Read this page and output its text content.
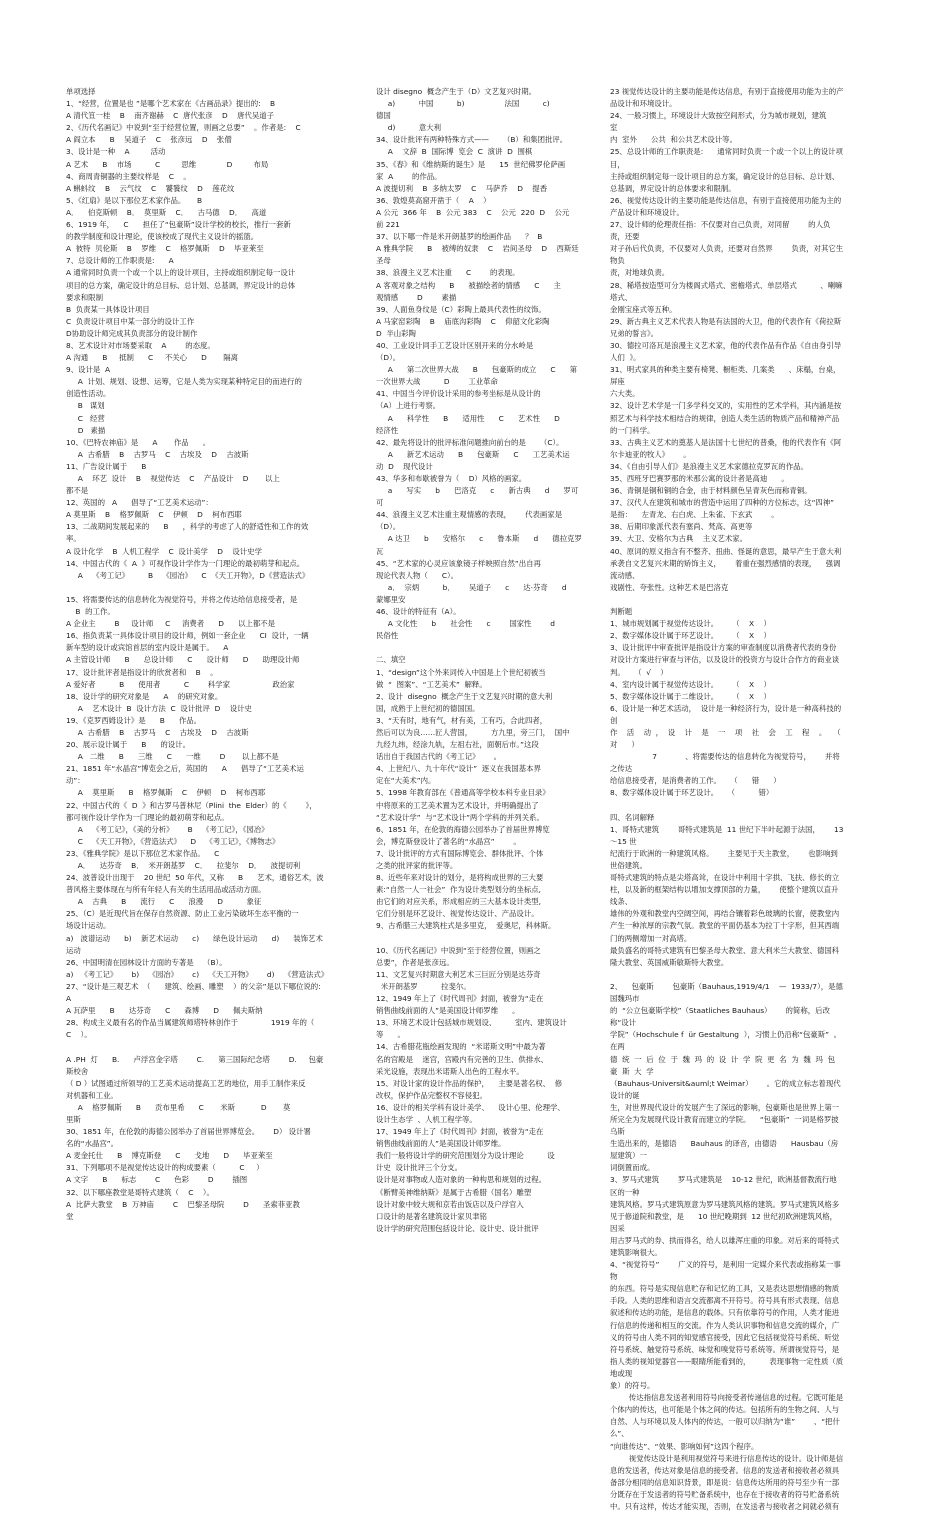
单项选择
1、“经营，位置是也 ”是哪个艺术家在《古画品录》提出的:    B
A 清代笪一桂    B    南齐谢赫    C  唐代张彦    D    唐代吴道子
2、《历代名画记》中说到“至于经营位置，则画之总要”    。作者是:    C
A 阎立本      B    吴道子    C    张彦远    D    张僧
3、设计是一种    A         活动
A 艺术      B    市场          C         思维             D         布局
4、商周青铜器的主要纹样是    C    。
A 蝌蚪纹    B    云气纹    C    饕餮纹    D    莲花纹
5、《红扇》是以下那位艺术家作品。     B
A．    伯克斯顿    B．  莫里斯    C．    古马德    D．    高道
6、1919 年，    C      担任了“包豪斯”设计学校的校长，推行一套新
的教学制度和设计理论，使该校成了现代主义设计的摇篮。
A  彼特  贝伦斯    B    罗维    C    格罗佩斯    D    毕亚莱至
7、总设计师的工作职责是:      A
A 通常同时负责一个或一个以上的设计项目，主持或组织制定每一设计
项目的总方案，确定设计的总目标、总计划、总基调，界定设计的总体
要求和限制
B  负责某一具体设计项目
C  负责设计项目中某一部分的设计工作
D协助设计师完成其负责部分的设计制作
8、艺术设计对市场要采取    A        的态度。
A 沟通      B     抵制      C     不关心      D       隔离
9、设计是  A
A  计划、规划、设想、运筹，它是人类为实现某种特定目的而进行的
创造性活动。
B   谋划
C   经营
D   素描
10、《巴特农神庙》是      A       作品      。
A  古希腊    B    古罗马    C    古埃及    D    古波斯
11、广告设计属于      B
A    环艺  设计    B    视觉传达    C    产品设计    D       以上
都不是
12、英国的   A      倡导了“工艺美术运动”：
A 莫里斯    B    格罗佩斯    C    伊顿    D    柯布西耶
13、二战期间发展起来的      B      ，科学的考虑了人的舒适性和工作的效
率。
A 设计化学    B  人机工程学    C  设计美学    D    设计史学
14、中国古代的《  A  》可视作设计学作为一门理论的最初萌芽和起点。
A    《考工记》        B    《园冶》    C  《天工开物》，D《营造法式》
15、将需要传达的信息转化为视觉符号，并将之传达给信息接受者，是
B  的工作。
A 企业主        B     设计师     C     消费者      D      以上都不是
16、指负责某一具体设计项目的设计师，例如一套企业      CI  设计，一辆
新车型的设计或宾馆首层的室内设计是属于。    A
A 主管设计师      B      总设计师      C      设计师      D      助理设计师
17、设计批评者是指设计的欣赏者和    B    。
A 爱好者          B      使用者          C        科学家                  政治家
18、设计学的研究对象是      A    的研究对象。
A    艺术设计  B  设计方法  C  设计批评  D    设计史
19、《克罗西姆设计》是      B      作品。
A  古希腊    B    古罗马    C    古埃及    D    古波斯
20、展示设计属于      B      的设计。
A   二维      B      三维      C      一维        D       以上都不是
21、1851 年“水晶宫”博览会之后，英国的      A      倡导了“工艺美术运
动”：
A    莫里斯      B    格罗佩斯    C    伊顿    D    柯布西耶
22、中国古代的《  D  》和古罗马普林尼（Plini  the  Elder）的《        》，
都可视作设计学作为一门理论的最初萌芽和起点。
A    《考工记》，《美的分析》      B    《考工记》，《园冶》
C    《天工开物》，《营造法式》    D    《考工记》，《博物志》
23、《雅典学院》是以下那位艺术家作品。    C
A．    达芬奇    B．  米开朗基罗    C．    拉斐尔    D．    波提切利
24、波普设计出现于    20 世纪  50 年代，又称      B      艺术，通俗艺术，波
普风格主要体现在与所有年轻人有关的生活用品或活动方面。
A    古典      B      流行      C      浪漫      D          象征
25、（C）是近现代旨在保存自然资源、防止工业污染破坏生态平衡的一
场设计运动。
a)   波谱运动      b)    新艺术运动      c)      绿色设计运动      d)      装饰艺术
运动
26、中国明清在园林设计方面的专著是    （B）。
a)   《考工记》      b)    《园冶》      c)    《天工开物》      d)    《营造法式》
27、“设计是三观艺术  （      建筑、绘画、雕塑    ）的父亲”是以下哪位说的:
A
A 瓦萨里      B      达芬奇      C      森博      D      佩夫斯纳
28、构成主义最有名的作品当属建筑师塔特林创作于              1919 年的（    C    ）。
A .PH  灯      B.      卢浮宫金字塔        C.      第三国际纪念塔        D.     包豪
斯校舍
（ D ）试图通过所领导的工艺美术运动提高工艺的地位，用手工制作来反
对机器和工业。
A    格罗佩斯      B      贡布里希      C       米斯           D       莫
里斯
30、1851 年，在伦敦的海德公园举办了首届世界博览会。      D） 设计署
名的“水晶宫”。
A 麦金托仕      B    博克斯登      C      戈地      D      毕亚莱至
31、下列哪项不是视觉传达设计的构成要素（          C     ）
A 文字      B      标志        C      色彩        D        插图
32、以下哪座教堂是哥特式建筑（    C    ）。
A  比萨大教堂    B  万神庙        C    巴黎圣母院        D      圣索菲亚教
堂
设计 disegno  概念产生于（D）文艺复兴时期。
a)          中国          b)                 法国          c)                德国
d)          意大利
34、设计批评有两种特殊方式——      （B）和集团批评。
A    文辞  B  国际博  览会  C  演讲  D  围棋
35、《春》和《维纳斯的诞生》是      15  世纪佛罗伦萨画
家  A        的作品。
A 波提切利    B  多纳太罗    C    马萨乔    D    提香
36、敦煌莫高窟开凿于（    A    ）
A 公元  366 年    B  公元 383    C    公元  220  D    公元
前 221
37、以下哪一件是米开朗基罗的绘画作品      ？  B
A 雅典学院      B    被缚的奴隶    C    岩间圣母    D    西斯廷
圣母
38、浪漫主义艺术注重      C        的表现。
A 客观对象之结构      B      被描绘者的情感      C      主
观情感        D        素描
39、人面鱼身纹是（C）彩陶上最具代表性的纹饰。
A 马家窑彩陶    B    庙底沟彩陶    C    仰韶文化彩陶
D  半山彩陶
40、工业设计同手工艺设计区别开来的分水岭是
（D）。
A      第二次世界大战      B      包豪斯的成立      C      第
一次世界大战          D        工业革命
41、中国当今评价设计采用的参考坐标是从设计的
（A）上进行考察。
A      科学性      B      适用性      C      艺术性      D
经济性
42、最先将设计的批评标准问题推向前台的是      （C）。
A      新艺术运动      B      包豪斯      C      工艺美术运
动  D    现代设计
43、华多和布歇被誉为（    D）风格的画家。
a      写实      b      巴洛克      c      新古典      d      罗可可
44、浪漫主义艺术注重主观情感的表现，      代表画家是
（D）。
A 达卫      b      安格尔      c      鲁本斯      d      德拉克罗
瓦
45、“艺术家的心灵应该象镜子样映照自然”出自再
现论代表人物（      C）。
a．  宗炳          b．      吴道子      c      达·芬奇      d
蒙娜里安
46、设计的特征有（A）。
A 文化性      b      社会性      c        国家性        d
民俗性
二、填空
1、“design”这个外来词传入中国是上个世纪初被当
做  “  图案”、“工艺美术”  解释。
2、设计  disegno  概念产生于文艺复兴时期的意大利
国，成熟于上世纪初的德国国。
3、“天有时，地有气，材有美，工有巧，合此四者，
然后可以为良……匠人营国，        方九里，旁三门，  国中
九经九纬，经涂九轨，左祖右社，面朝后市。”这段
话出自于我国古代的《考工记》      。
4、上世纪八、九十年代“设计”  逐义在我国基本界
定在“大美术”内。
5、1998 年教育部在《普通高等学校本科专业目录》
中将原来的工艺美术置为艺术设计，并明确提出了
“艺术设计学”  与“艺术设计”两个学科的并列关系。
6、1851 年，在伦敦的海德公园举办了首届世界博览
会，博克斯登设计了著名的“水晶宫”        。
7、设计批评的方式有国际博览会、群体批评、个体
之类的批评家的批评等。
8、近些年来对设计的划分，是将构成世界的三大要
素:“自然一人一社会”  作为设计类型划分的坐标点,
由它们的对应关系，形成相应的三大基本设计类型,
它们分别是环艺设计、视觉传达设计、产品设计。
9、古希腊三大建筑柱式是多里克，  爱奥尼，科林斯。
10、《历代名画记》中说到“至于经营位置，则画之
总要”，作者是张彦远。
11、文艺复兴时期意大利艺术三巨匠分别是达芬奇
米开朗基罗          拉斐尔。
12、1949 年上了《时代周刊》封面，被誉为“走在
销售曲线前面的人”是美国设计师罗维      。
13、环境艺术设计包括城市规划设、        室内、建筑设计
等      。
14、古希腊花瓶绘画发现的  “米诺斯文明”中最为著
名的宫殿是    迷宫，宫殿内有完善的卫生、供排水、
采光设施，表现出米诺斯人出色的工程水平。
15、对设计家的设计作品的保护，    主要是著名权、  修
改权，保护作品完整权不容侵犯。
16、设计的相关学科有设计美学、    设计心里、伦理学、
设计生态学  、人机工程学等。
17、1949 年上了《时代周刊》封面，被誉为“走在
销售曲线前面的人”是美国设计师罗维。
我们一般将设计学的研究范围划分为设计理论          设
计史  设计批评三个分支。
设计是对事物或人造对象的一种构思和规划的过程。
《断臂美神维纳斯》是属于古希腊（国名）雕塑
设计对象中较大规和京若由饭店以及户浮官入
口设计的是著名建筑设计家贝聿铭
设计学的研究范围包括设计论、设计史、设计批评
23 视觉传达设计的主要功能是传达信息，有别于直接使用功能为主的产
品设计和环境设计。
24、一般习惯上，环境设计大致按空间形式，分为城市规划，建筑              室
内  室外      公共  和公共艺术设计等。
25、总设计师的工作职责是:      通常同时负责一个或一个以上的设计项目，
主持或组织制定每一设计项目的总方案，确定设计的总目标、总计划、
总基调，界定设计的总体要求和限制。
26、视觉传达设计的主要功能是传达信息，有别于直接使用功能为主的
产品设计和环境设计。
27、设计师的伦理责任指：不仅要对自己负责，对同留        的人负责，还要
对子孙后代负责，不仅要对人负责，还要对自然界        负责，对其它生物负
责，对地球负责。
28、稀塔按造型可分为楼阁式塔式、密檐塔式、单层塔式          、喇嘛塔式、
金刚宝座式等五种。
29、新古典主义艺术代表人物是有法国的大卫，他的代表作有《荷拉斯
兄弟的誓言》。
30、德拉可洛瓦是浪漫主义艺术家，他的代表作品有作品《自由身引导
人们  》。
31、明式家具的种类主要有椅凳、橱柜类、几案类      、床榻，台桌，屏座
六大类。
32、设计艺术学是一门多学科交叉的，实用性的艺术学科，其内涵是按
照艺术与科学技术相结合的规律，创造人类生活的物质产品和精神产品
的一门科学。
33、古典主义艺术的奠基人是法国十七世纪的普桑，他的代表作有《阿
尔卡迪亚的牧人》      。
34、《自由引导人们》是浪漫主义艺术家德拉克罗瓦的作品。
35、西班牙巴赛罗那的米那公寓的设计者是高迪      。
36、青铜是铜和铜的合金，由于材料颜色呈青灰色而称青铜。
37、汉代人在建筑和城市的营造中运用了四种的方位标志，这“四神”
是指：    左青龙、右白虎、上朱雀、下玄武        。
38、后期印象派代表有塞尚、梵高、高更等
39、大卫、安格尔为古典    主义艺术家。
40、原词的原义指含有不整齐、扭曲、怪诞的意思，最早产生于意大利
承袭自文艺复兴末期的矫饰主义，      着重在强烈感情的表现，    强调流动感、
戏剧性、夸张性。这种艺术是巴洛克
判断题
1、城市规划属于视觉传达设计。      （    X    ）
2、数字媒体设计属于环艺设计。      （    X    ）
3、设计批评中审查批评是指设计方案的审查制度以消费者代表的身份
对设计方案进行审查与评估，以及设计的投资方与设计合作方的商业谈
判。    （  √    ）
4、室内设计属于视觉传达设计。      （    X    ）
5、数字媒体设计属于二维设计。      （    X    ）
6、设计是一种艺术活动，  设计是一种经济行为，设计是一种高科技的创
作    活    动  ，  设    计    是    一    项    社    会    工    程    。   （            对      ）
7            、将需要传达的信息转化为视觉符号，      并将之传达
给信息接受者，是消费者的工作。    （      错      ）
8、数字媒体设计属于环艺设计。    （          错）
四、名词解释
1、哥特式建筑        哥特式建筑是  11 世纪下半叶起源于法国，      13～15 世
纪流行于欧洲的一种建筑风格。      主要见于天主教堂，      也影响到世俗建筑。
哥特式建筑的特点是尖塔高耸，在设计中利用十字拱、飞扶、修长的立
柱，以及新的框架结构以增加支撑顶部的力量，      使整个建筑以直升线条、
雄伟的外观和教堂内空阔空间，再结合镶着彩色玻璃的长窗，使教堂内
产生一种浓厚的宗教气氛。教堂的平面仍基本为拉丁十字形，但其西端
门的两侧增加一对高塔。
最负盛名的哥特式建筑有巴黎圣母大教堂、意大利米兰大教堂、德国科
隆大教堂、英国威斯敏斯特大教堂。
2、    包豪斯        包豪斯（Bauhaus,1919/4/1    —  1933/7），是德国魏玛市
的  “公立包豪斯学校”（Staatliches Bauhaus）      的简称，后改称“设计
学院”（Hochschule f  ür Gestaltung  ），习惯上仍沿称“包豪斯”  。在两
德  统  一  后  位  于  魏  玛  的  设  计  学  院  更  名  为  魏  玛  包  豪  斯  大  学
（Bauhaus-Universit&auml;t Weimar）      。它的成立标志着现代设计的诞
生，对世界现代设计的发展产生了深远的影响，包豪斯也是世界上第一
所完全为发展现代设计教育而建立的学院。    “包豪斯”  一词是格罗披乌斯
生造出来的，是德语      Bauhaus 的译音，由德语      Hausbau（房屋建筑）一
词倒置而成。
3、罗马式建筑        罗马式建筑是    10-12 世纪，欧洲基督教流行地区的一种
建筑风格。罗马式建筑原意为罗马建筑风格的建筑。罗马式建筑风格多
见于修道院和教堂，是      10 世纪晚期到  12 世纪初欧洲建筑风格，因采
用古罗马式的券、拱而得名，给人以雄浑庄重的印象。对后来的哥特式
建筑影响很大。
4、“视觉符号”        广义的符号，是利用一定媒介来代表或指称某一事物
的东西。符号是实现信息贮存和记忆的工具，又是表达思想情感的物质
手段。人类的思维和语言交流都离不开符号。符号具有形式表现、信息
叙述和传达的功能，是信息的载体。只有依靠符号的作用，人类才能进
行信息的传递和相互的交流。作为人类认识事物和信息交流的媒介，广
义的符号由人类不同的知觉感官接受，因此它包括视觉符号系统、听觉
符号系统、触觉符号系统、味觉和嗅觉符号系统等。所谓视觉符号，是
指人类的视知觉器官——眼睛所能看到的，        表现事物一定性质（质地或现
象）的符号。
传达指信息发送者利用符号向接受者传递信息的过程。它既可能是
个体内的传达，也可能是个体之间的传达。包括所有的生物之间、人与
自然、人与环境以及人体内的传达，一般可以归纳为“谁”        、“把什么”、
“向谁传达”、“效果、影响如何”这四个程序。
视觉传达设计是利用视觉符号来进行信息传达的设计。设计师是信
息的发送者，传达对象是信息的接受者。信息的发送者和接收者必须具
备部分相同的信息知识背景，即是说：信息传达所用的符号至少有一部
分既存在于发送者的符号贮备系统中，也存在于接收者的符号贮备系统
中。只有这样，传达才能实现，否则，在发送者与接收者之间就必须有
